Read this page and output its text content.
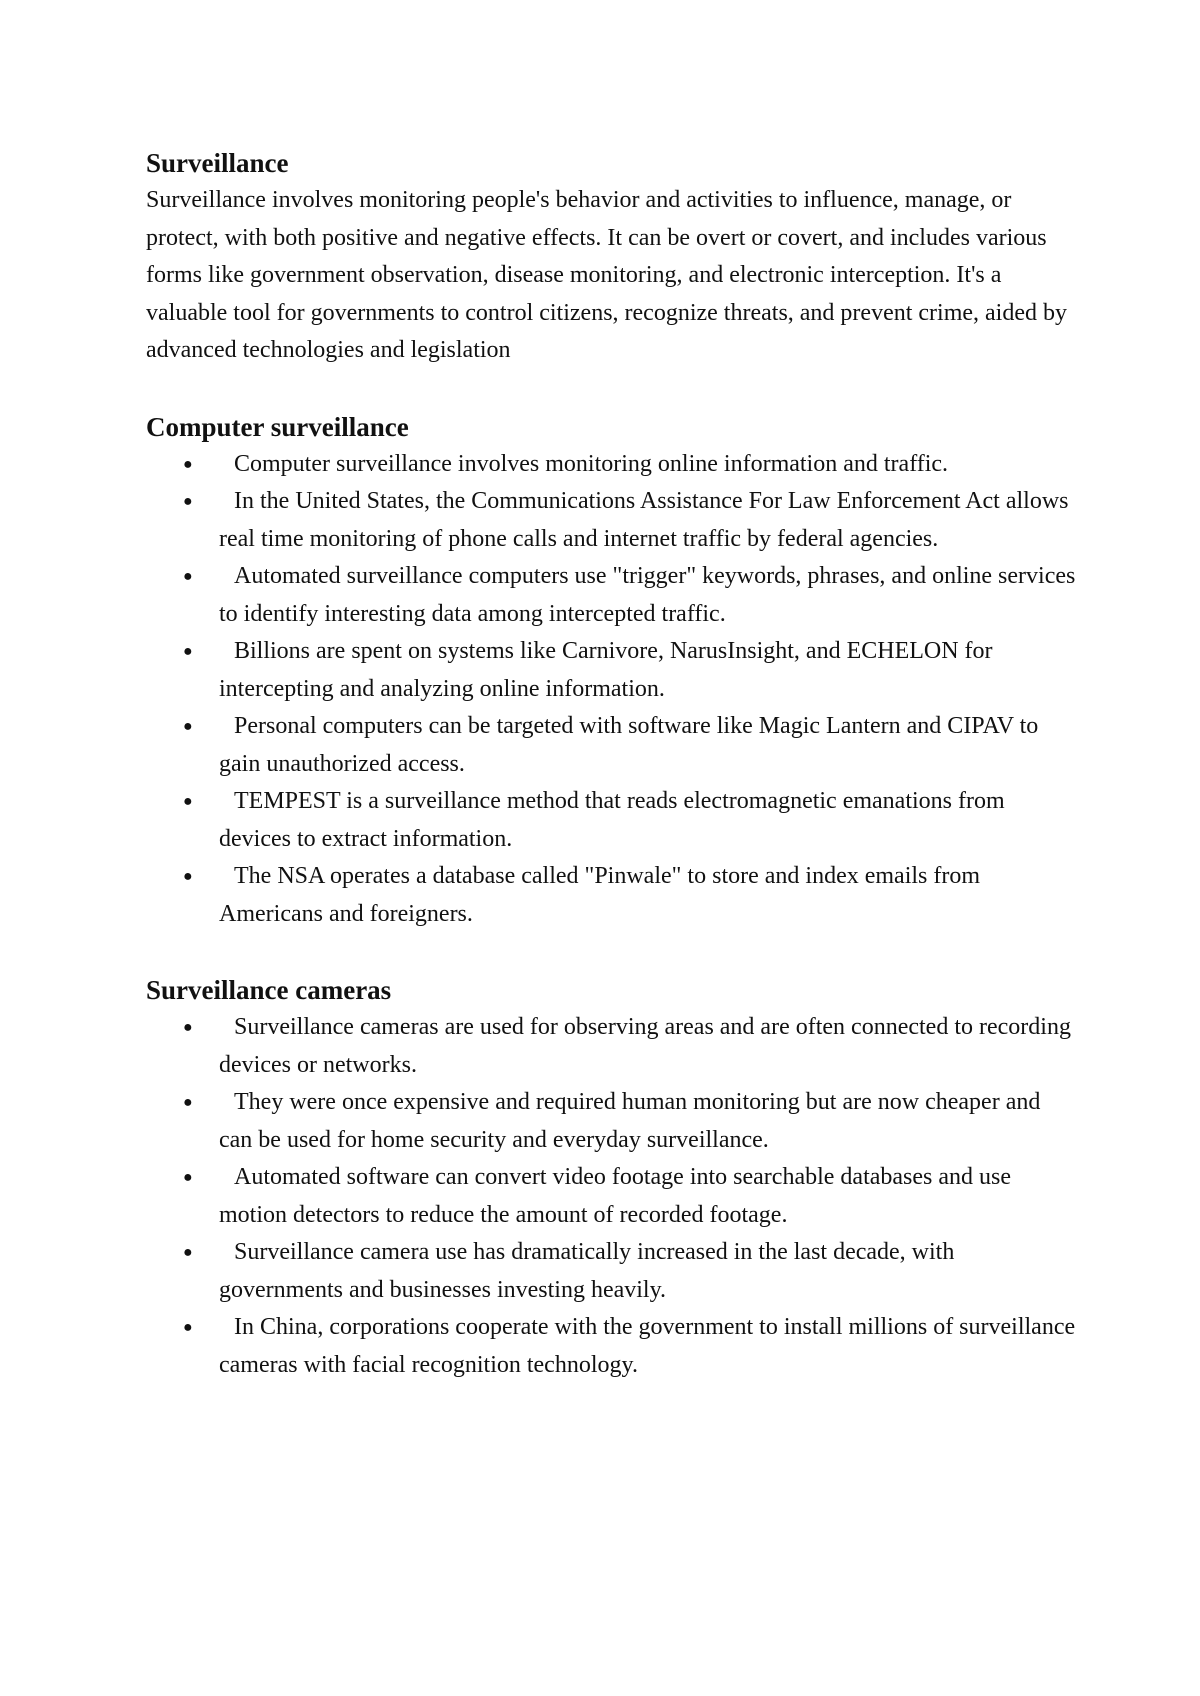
Surveillance

Surveillance involves monitoring people's behavior and activities to influence, manage, or protect, with both positive and negative effects. It can be overt or covert, and includes various forms like government observation, disease monitoring, and electronic interception. It's a valuable tool for governments to control citizens, recognize threats, and prevent crime, aided by advanced technologies and legislation

Computer surveillance
●	Computer surveillance involves monitoring online information and traffic.
●	In the United States, the Communications Assistance For Law Enforcement Act allows real time monitoring of phone calls and internet traffic by federal agencies.
●	Automated surveillance computers use "trigger" keywords, phrases, and online services to identify interesting data among intercepted traffic.
●	Billions are spent on systems like Carnivore, NarusInsight, and ECHELON for intercepting and analyzing online information.
●	Personal computers can be targeted with software like Magic Lantern and CIPAV to gain unauthorized access.
●	TEMPEST is a surveillance method that reads electromagnetic emanations from devices to extract information.
●	The NSA operates a database called "Pinwale" to store and index emails from Americans and foreigners.
Surveillance cameras
●	Surveillance cameras are used for observing areas and are often connected to recording devices or networks.
●	They were once expensive and required human monitoring but are now cheaper and can be used for home security and everyday surveillance.
●	Automated software can convert video footage into searchable databases and use motion detectors to reduce the amount of recorded footage.
●	Surveillance camera use has dramatically increased in the last decade, with governments and businesses investing heavily.
●	In China, corporations cooperate with the government to install millions of surveillance cameras with facial recognition technology.
